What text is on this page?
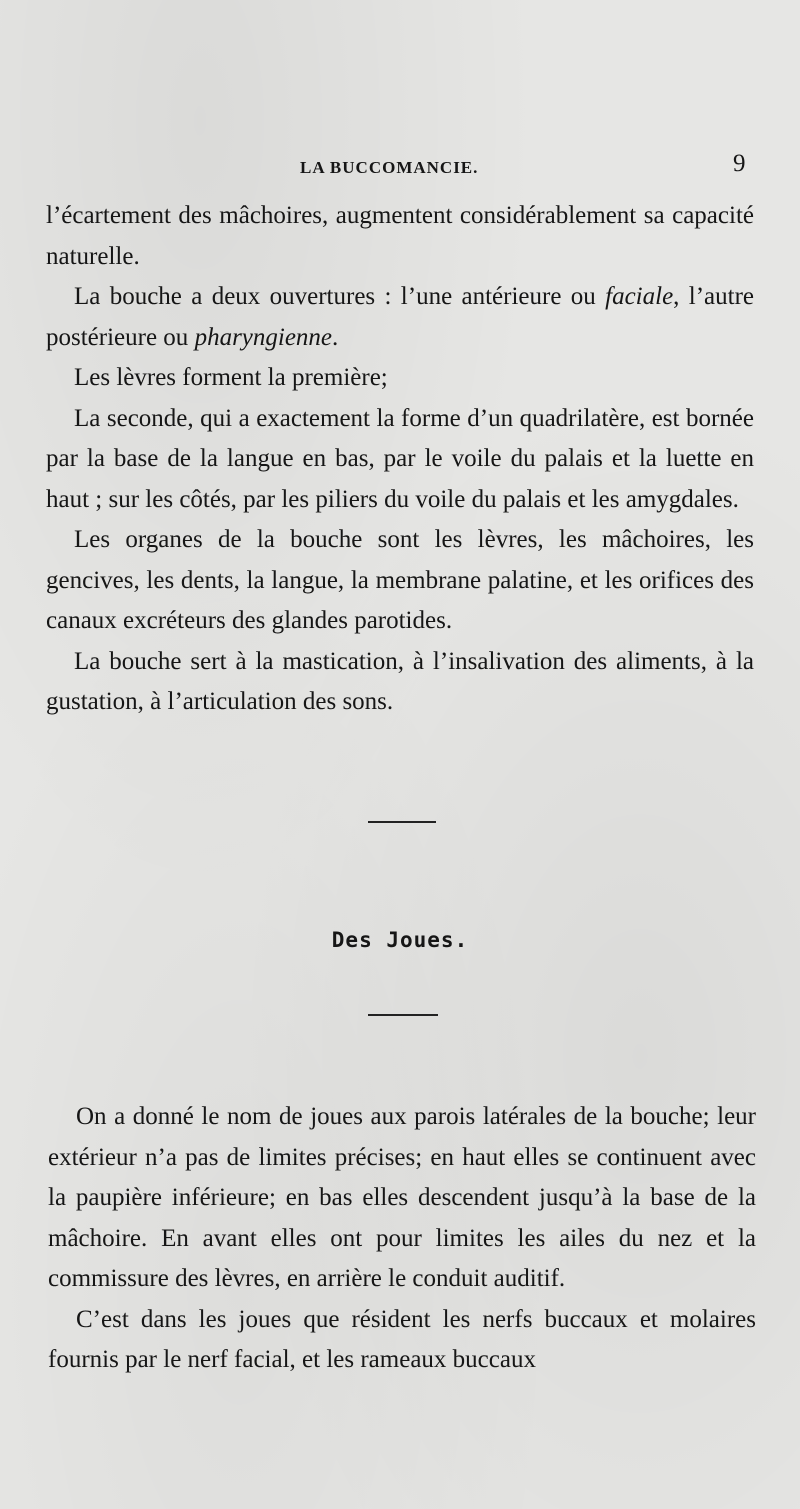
LA BUCCOMANCIE.	9

l’écartement des mâchoires, augmentent considérablement sa capacité naturelle.

La bouche a deux ouvertures : l’une antérieure ou faciale, l’autre postérieure ou pharyngienne.

Les lèvres forment la première;

La seconde, qui a exactement la forme d’un quadrilatère, est bornée par la base de la langue en bas, par le voile du palais et la luette en haut ; sur les côtés, par les piliers du voile du palais et les amygdales.

Les organes de la bouche sont les lèvres, les mâchoires, les gencives, les dents, la langue, la membrane palatine, et les orifices des canaux excréteurs des glandes parotides.

La bouche sert à la mastication, à l’insalivation des aliments, à la gustation, à l’articulation des sons.

Des Joues.

On a donné le nom de joues aux parois latérales de la bouche; leur extérieur n’a pas de limites précises; en haut elles se continuent avec la paupière inférieure; en bas elles descendent jusqu’à la base de la mâchoire. En avant elles ont pour limites les ailes du nez et la commissure des lèvres, en arrière le conduit auditif.

C’est dans les joues que résident les nerfs buccaux et molaires fournis par le nerf facial, et les rameaux buccaux
